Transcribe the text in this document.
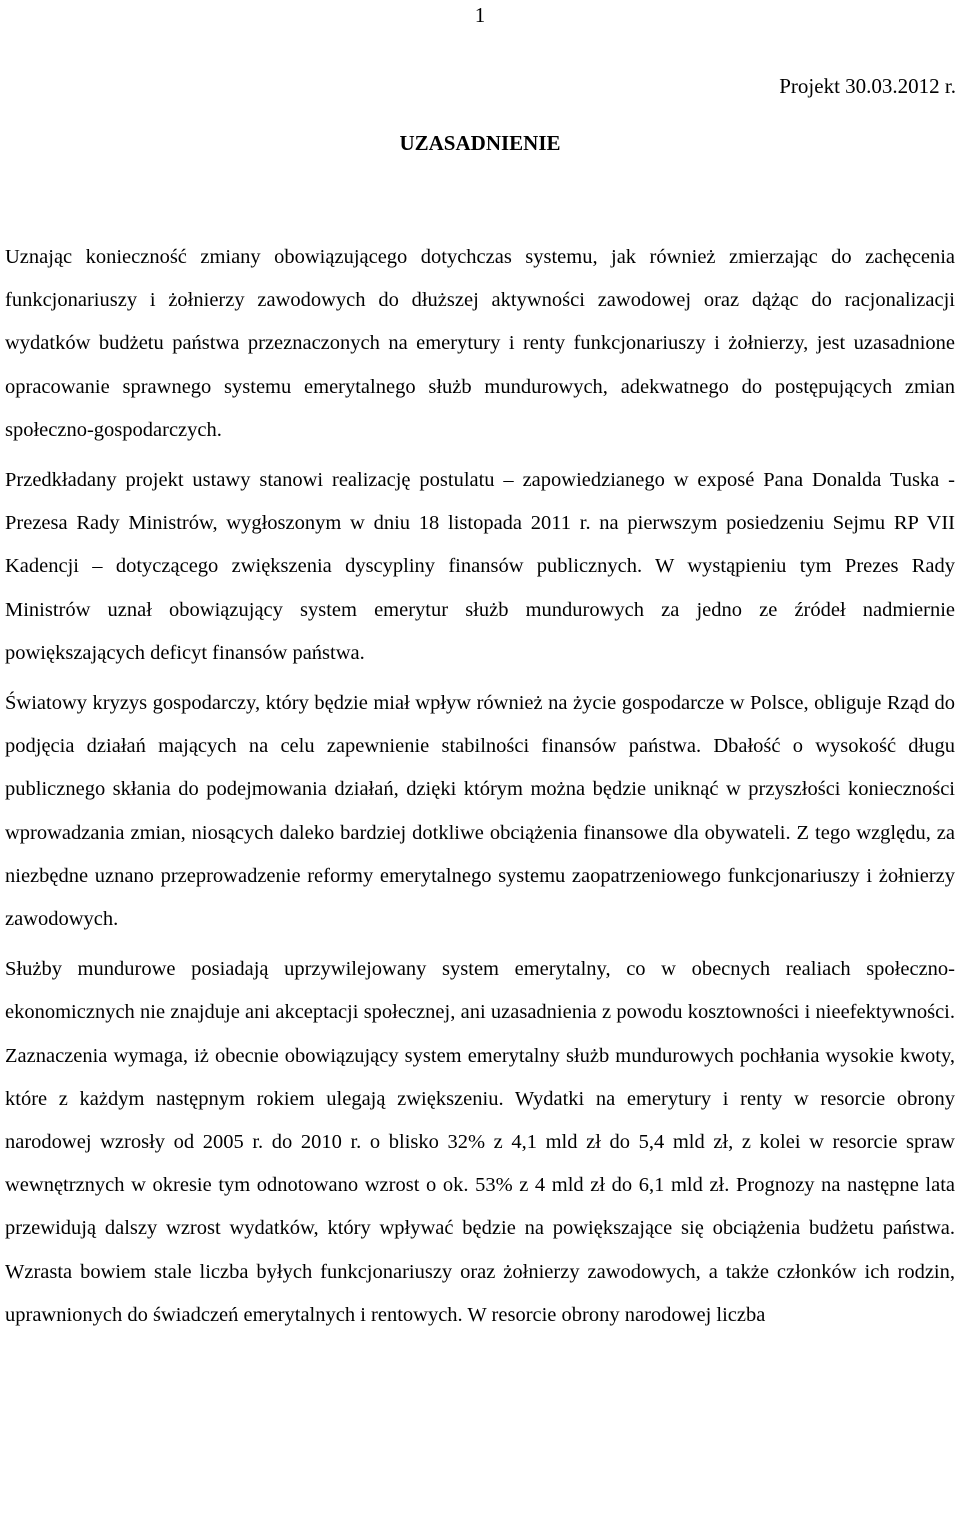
1
Projekt 30.03.2012 r.
UZASADNIENIE

Uznając konieczność zmiany obowiązującego dotychczas systemu, jak również zmierzając do zachęcenia funkcjonariuszy i żołnierzy zawodowych do dłuższej aktywności zawodowej oraz dążąc do racjonalizacji wydatków budżetu państwa przeznaczonych na emerytury i renty funkcjonariuszy i żołnierzy, jest uzasadnione opracowanie sprawnego systemu emerytalnego służb mundurowych, adekwatnego do postępujących zmian społeczno-gospodarczych.

Przedkładany projekt ustawy stanowi realizację postulatu – zapowiedzianego w exposé Pana Donalda Tuska - Prezesa Rady Ministrów, wygłoszonym w dniu 18 listopada 2011 r. na pierwszym posiedzeniu Sejmu RP VII Kadencji – dotyczącego zwiększenia dyscypliny finansów publicznych. W wystąpieniu tym Prezes Rady Ministrów uznał obowiązujący system emerytur służb mundurowych za jedno ze źródeł nadmiernie powiększających deficyt finansów państwa.

Światowy kryzys gospodarczy, który będzie miał wpływ również na życie gospodarcze w Polsce, obliguje Rząd do podjęcia działań mających na celu zapewnienie stabilności finansów państwa. Dbałość o wysokość długu publicznego skłania do podejmowania działań, dzięki którym można będzie uniknąć w przyszłości konieczności wprowadzania zmian, niosących daleko bardziej dotkliwe obciążenia finansowe dla obywateli. Z tego względu, za niezbędne uznano przeprowadzenie reformy emerytalnego systemu zaopatrzeniowego funkcjonariuszy i żołnierzy zawodowych.

Służby mundurowe posiadają uprzywilejowany system emerytalny, co w obecnych realiach społeczno-ekonomicznych nie znajduje ani akceptacji społecznej, ani uzasadnienia z powodu kosztowności i nieefektywności. Zaznaczenia wymaga, iż obecnie obowiązujący system emerytalny służb mundurowych pochłania wysokie kwoty, które z każdym następnym rokiem ulegają zwiększeniu. Wydatki na emerytury i renty w resorcie obrony narodowej wzrosły od 2005 r. do 2010 r. o blisko 32% z 4,1 mld zł do 5,4 mld zł, z kolei w resorcie spraw wewnętrznych w okresie tym odnotowano wzrost o ok. 53% z 4 mld zł do 6,1 mld zł. Prognozy na następne lata przewidują dalszy wzrost wydatków, który wpływać będzie na powiększające się obciążenia budżetu państwa. Wzrasta bowiem stale liczba byłych funkcjonariuszy oraz żołnierzy zawodowych, a także członków ich rodzin, uprawnionych do świadczeń emerytalnych i rentowych. W resorcie obrony narodowej liczba
